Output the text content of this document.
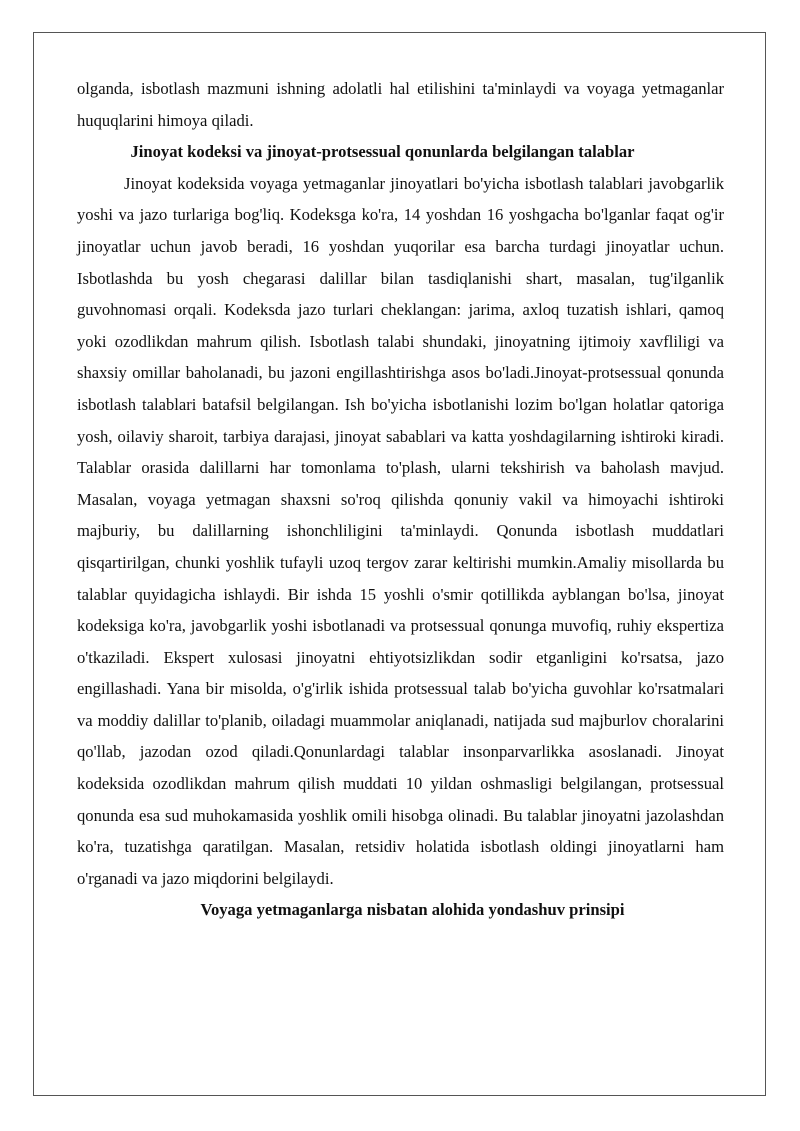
olganda, isbotlash mazmuni ishning adolatli hal etilishini ta'minlaydi va voyaga yetmaganlar huquqlarini himoya qiladi.

Jinoyat kodeksi va jinoyat-protsessual qonunlarda belgilangan talablar

Jinoyat kodeksida voyaga yetmaganlar jinoyatlari bo'yicha isbotlash talablari javobgarlik yoshi va jazo turlariga bog'liq. Kodeksga ko'ra, 14 yoshdan 16 yoshgacha bo'lganlar faqat og'ir jinoyatlar uchun javob beradi, 16 yoshdan yuqorilar esa barcha turdagi jinoyatlar uchun. Isbotlashda bu yosh chegarasi dalillar bilan tasdiqlanishi shart, masalan, tug'ilganlik guvohnomasi orqali. Kodeksda jazo turlari cheklangan: jarima, axloq tuzatish ishlari, qamoq yoki ozodlikdan mahrum qilish. Isbotlash talabi shundaki, jinoyatning ijtimoiy xavfliligi va shaxsiy omillar baholanadi, bu jazoni engillashtirishga asos bo'ladi.Jinoyat-protsessual qonunda isbotlash talablari batafsil belgilangan. Ish bo'yicha isbotlanishi lozim bo'lgan holatlar qatoriga yosh, oilaviy sharoit, tarbiya darajasi, jinoyat sabablari va katta yoshdagilarning ishtiroki kiradi. Talablar orasida dalillarni har tomonlama to'plash, ularni tekshirish va baholash mavjud. Masalan, voyaga yetmagan shaxsni so'roq qilishda qonuniy vakil va himoyachi ishtiroki majburiy, bu dalillarning ishonchliligini ta'minlaydi. Qonunda isbotlash muddatlari qisqartirilgan, chunki yoshlik tufayli uzoq tergov zarar keltirishi mumkin.Amaliy misollarda bu talablar quyidagicha ishlaydi. Bir ishda 15 yoshli o'smir qotillikda ayblangan bo'lsa, jinoyat kodeksiga ko'ra, javobgarlik yoshi isbotlanadi va protsessual qonunga muvofiq, ruhiy ekspertiza o'tkaziladi. Ekspert xulosasi jinoyatni ehtiyotsizlikdan sodir etganligini ko'rsatsa, jazo engillashadi. Yana bir misolda, o'g'irlik ishida protsessual talab bo'yicha guvohlar ko'rsatmalari va moddiy dalillar to'planib, oiladagi muammolar aniqlanadi, natijada sud majburlov choralarini qo'llab, jazodan ozod qiladi.Qonunlardagi talablar insonparvarlikka asoslanadi. Jinoyat kodeksida ozodlikdan mahrum qilish muddati 10 yildan oshmasligi belgilangan, protsessual qonunda esa sud muhokamasida yoshlik omili hisobga olinadi. Bu talablar jinoyatni jazolashdan ko'ra, tuzatishga qaratilgan. Masalan, retsidiv holatida isbotlash oldingi jinoyatlarni ham o'rganadi va jazo miqdorini belgilaydi.

Voyaga yetmaganlarga nisbatan alohida yondashuv prinsipi
